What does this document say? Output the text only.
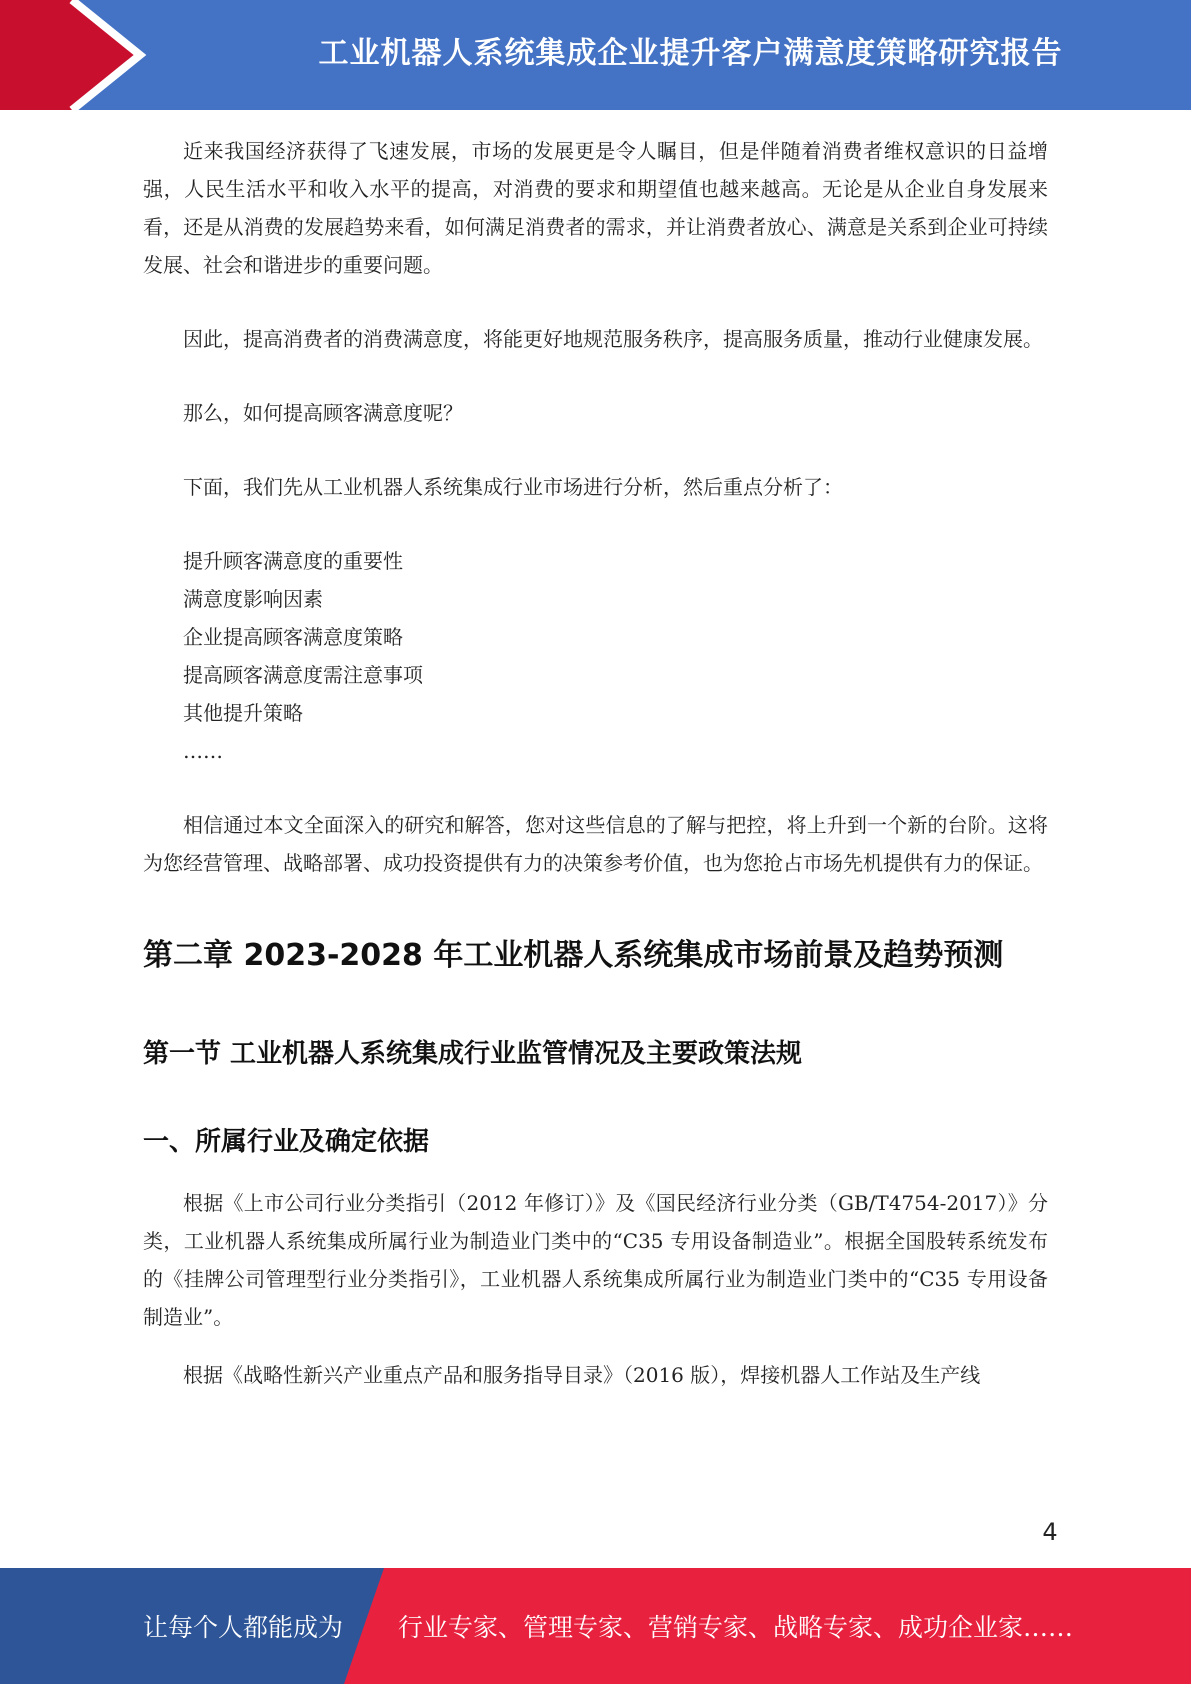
工业机器人系统集成企业提升客户满意度策略研究报告

近来我国经济获得了飞速发展，市场的发展更是令人瞩目，但是伴随着消费者维权意识的日益增强，人民生活水平和收入水平的提高，对消费的要求和期望值也越来越高。无论是从企业自身发展来看，还是从消费的发展趋势来看，如何满足消费者的需求，并让消费者放心、满意是关系到企业可持续发展、社会和谐进步的重要问题。

因此，提高消费者的消费满意度，将能更好地规范服务秩序，提高服务质量，推动行业健康发展。

那么，如何提高顾客满意度呢？

下面，我们先从工业机器人系统集成行业市场进行分析，然后重点分析了：

提升顾客满意度的重要性
满意度影响因素
企业提高顾客满意度策略
提高顾客满意度需注意事项
其他提升策略
……

相信通过本文全面深入的研究和解答，您对这些信息的了解与把控，将上升到一个新的台阶。这将为您经营管理、战略部署、成功投资提供有力的决策参考价值，也为您抢占市场先机提供有力的保证。

第二章 2023-2028 年工业机器人系统集成市场前景及趋势预测
第一节 工业机器人系统集成行业监管情况及主要政策法规
一、所属行业及确定依据

根据《上市公司行业分类指引（2012 年修订）》及《国民经济行业分类（GB/T4754-2017）》分类，工业机器人系统集成所属行业为制造业门类中的“C35 专用设备制造业”。根据全国股转系统发布的《挂牌公司管理型行业分类指引》，工业机器人系统集成所属行业为制造业门类中的“C35 专用设备制造业”。

根据《战略性新兴产业重点产品和服务指导目录》（2016 版），焊接机器人工作站及生产线

4
让每个人都能成为 行业专家、管理专家、营销专家、战略专家、成功企业家……
